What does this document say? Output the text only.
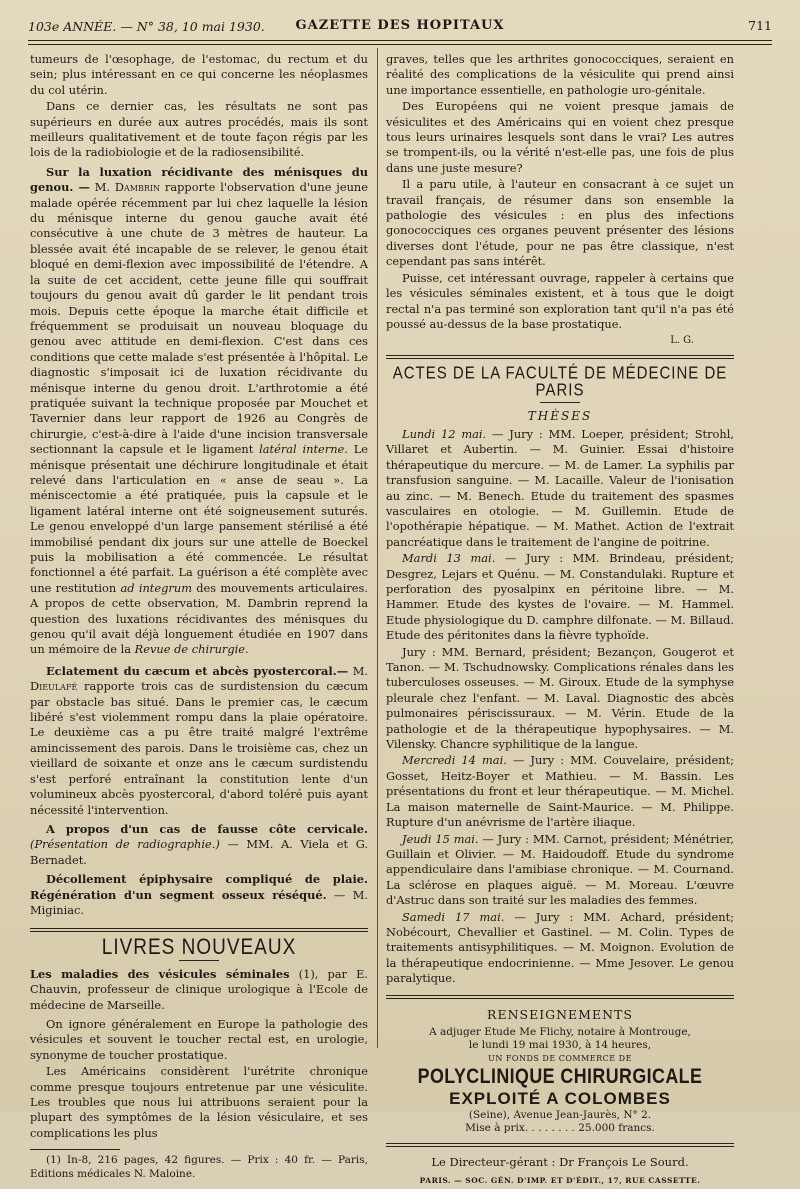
103e ANNÉE. — N° 38, 10 mai 1930.	GAZETTE DES HOPITAUX	711

tumeurs de l'œsophage, de l'estomac, du rectum et du sein; plus intéressant en ce qui concerne les néoplasmes du col utérin.

Dans ce dernier cas, les résultats ne sont pas supérieurs en durée aux autres procédés, mais ils sont meilleurs qualitativement et de toute façon régis par les lois de la radiobiologie et de la radiosensibilité.

Sur la luxation récidivante des ménisques du genou. — M. Dambrin rapporte l'observation d'une jeune malade opérée récemment par lui chez laquelle la lésion du ménisque interne du genou gauche avait été consécutive à une chute de 3 mètres de hauteur. La blessée avait été incapable de se relever, le genou était bloqué en demi-flexion avec impossibilité de l'étendre. A la suite de cet accident, cette jeune fille qui souffrait toujours du genou avait dû garder le lit pendant trois mois. Depuis cette époque la marche était difficile et fréquemment se produisait un nouveau bloquage du genou avec attitude en demi-flexion. C'est dans ces conditions que cette malade s'est présentée à l'hôpital. Le diagnostic s'imposait ici de luxation récidivante du ménisque interne du genou droit. L'arthrotomie a été pratiquée suivant la technique proposée par Mouchet et Tavernier dans leur rapport de 1926 au Congrès de chirurgie, c'est-à-dire à l'aide d'une incision transversale sectionnant la capsule et le ligament latéral interne. Le ménisque présentait une déchirure longitudinale et était relevé dans l'articulation en « anse de seau ». La méniscectomie a été pratiquée, puis la capsule et le ligament latéral interne ont été soigneusement suturés. Le genou enveloppé d'un large pansement stérilisé a été immobilisé pendant dix jours sur une attelle de Boeckel puis la mobilisation a été commencée. Le résultat fonctionnel a été parfait. La guérison a été complète avec une restitution ad integrum des mouvements articulaires. A propos de cette observation, M. Dambrin reprend la question des luxations récidivantes des ménisques du genou qu'il avait déjà longuement étudiée en 1907 dans un mémoire de la Revue de chirurgie.

Eclatement du cæcum et abcès pyostercoral.— M. Dieulafé rapporte trois cas de surdistension du cæcum par obstacle bas situé. Dans le premier cas, le cæcum libéré s'est violemment rompu dans la plaie opératoire. Le deuxième cas a pu être traité malgré l'extrême amincissement des parois. Dans le troisième cas, chez un vieillard de soixante et onze ans le cæcum surdistendu s'est perforé entraînant la constitution lente d'un volumineux abcès pyostercoral, d'abord toléré puis ayant nécessité l'intervention.

A propos d'un cas de fausse côte cervicale. (Présentation de radiographie.) — MM. A. Viela et G. Bernadet.

Décollement épiphysaire compliqué de plaie. Régénération d'un segment osseux réséqué. — M. Miginiac.

LIVRES NOUVEAUX

Les maladies des vésicules séminales (1), par E. Chauvin, professeur de clinique urologique à l'Ecole de médecine de Marseille.

On ignore généralement en Europe la pathologie des vésicules et souvent le toucher rectal est, en urologie, synonyme de toucher prostatique.

Les Américains considèrent l'urétrite chronique comme presque toujours entretenue par une vésiculite. Les troubles que nous lui attribuons seraient pour la plupart des symptômes de la lésion vésiculaire, et ses complications les plus

(1) In-8, 216 pages, 42 figures. — Prix : 40 fr. — Paris, Editions médicales N. Maloine.

graves, telles que les arthrites gonococciques, seraient en réalité des complications de la vésiculite qui prend ainsi une importance essentielle, en pathologie uro-génitale.

Des Européens qui ne voient presque jamais de vésiculites et des Américains qui en voient chez presque tous leurs urinaires lesquels sont dans le vrai? Les autres se trompent-ils, ou la vérité n'est-elle pas, une fois de plus dans une juste mesure?

Il a paru utile, à l'auteur en consacrant à ce sujet un travail français, de résumer dans son ensemble la pathologie des vésicules : en plus des infections gonococciques ces organes peuvent présenter des lésions diverses dont l'étude, pour ne pas être classique, n'est cependant pas sans intérêt.

Puisse, cet intéressant ouvrage, rappeler à certains que les vésicules séminales existent, et à tous que le doigt rectal n'a pas terminé son exploration tant qu'il n'a pas été poussé au-dessus de la base prostatique.

L. G.
ACTES DE LA FACULTÉ DE MÉDECINE DE PARIS
THÈSES

Lundi 12 mai. — Jury : MM. Loeper, président; Strohl, Villaret et Aubertin. — M. Guinier. Essai d'histoire thérapeutique du mercure. — M. de Lamer. La syphilis par transfusion sanguine. — M. Lacaille. Valeur de l'ionisation au zinc. — M. Benech. Etude du traitement des spasmes vasculaires en otologie. — M. Guillemin. Etude de l'opothérapie hépatique. — M. Mathet. Action de l'extrait pancréatique dans le traitement de l'angine de poitrine.

Mardi 13 mai. — Jury : MM. Brindeau, président; Desgrez, Lejars et Quénu. — M. Constandulaki. Rupture et perforation des pyosalpinx en péritoine libre. — M. Hammer. Etude des kystes de l'ovaire. — M. Hammel. Etude physiologique du D. camphre dilfonate. — M. Billaud. Etude des péritonites dans la fièvre typhoïde.

Jury : MM. Bernard, président; Bezançon, Gougerot et Tanon. — M. Tschudnowsky. Complications rénales dans les tuberculoses osseuses. — M. Giroux. Etude de la symphyse pleurale chez l'enfant. — M. Laval. Diagnostic des abcès pulmonaires périscissuraux. — M. Vérin. Etude de la pathologie et de la thérapeutique hypophysaires. — M. Vilensky. Chancre syphilitique de la langue.

Mercredi 14 mai. — Jury : MM. Couvelaire, président; Gosset, Heitz-Boyer et Mathieu. — M. Bassin. Les présentations du front et leur thérapeutique. — M. Michel. La maison maternelle de Saint-Maurice. — M. Philippe. Rupture d'un anévrisme de l'artère iliaque.

Jeudi 15 mai. — Jury : MM. Carnot, président; Ménétrier, Guillain et Olivier. — M. Haidoudoff. Etude du syndrome appendiculaire dans l'amibiase chronique. — M. Cournand. La sclérose en plaques aiguë. — M. Moreau. L'œuvre d'Astruc dans son traité sur les maladies des femmes.

Samedi 17 mai. — Jury : MM. Achard, président; Nobécourt, Chevallier et Gastinel. — M. Colin. Types de traitements antisyphilitiques. — M. Moignon. Evolution de la thérapeutique endocrinienne. — Mme Jesover. Le genou paralytique.

RENSEIGNEMENTS
A adjuger Etude Me Flichy, notaire à Montrouge,
le lundi 19 mai 1930, à 14 heures,
UN FONDS DE COMMERCE DE
POLYCLINIQUE CHIRURGICALE
EXPLOITÉ A COLOMBES
(Seine), Avenue Jean-Jaurès, N° 2.
Mise à prix. . . . . . . . 25.000 francs.
Le Directeur-gérant : Dr François Le Sourd.
PARIS. — SOC. GÉN. D'IMP. ET D'ÉDIT., 17, RUE CASSETTE.
